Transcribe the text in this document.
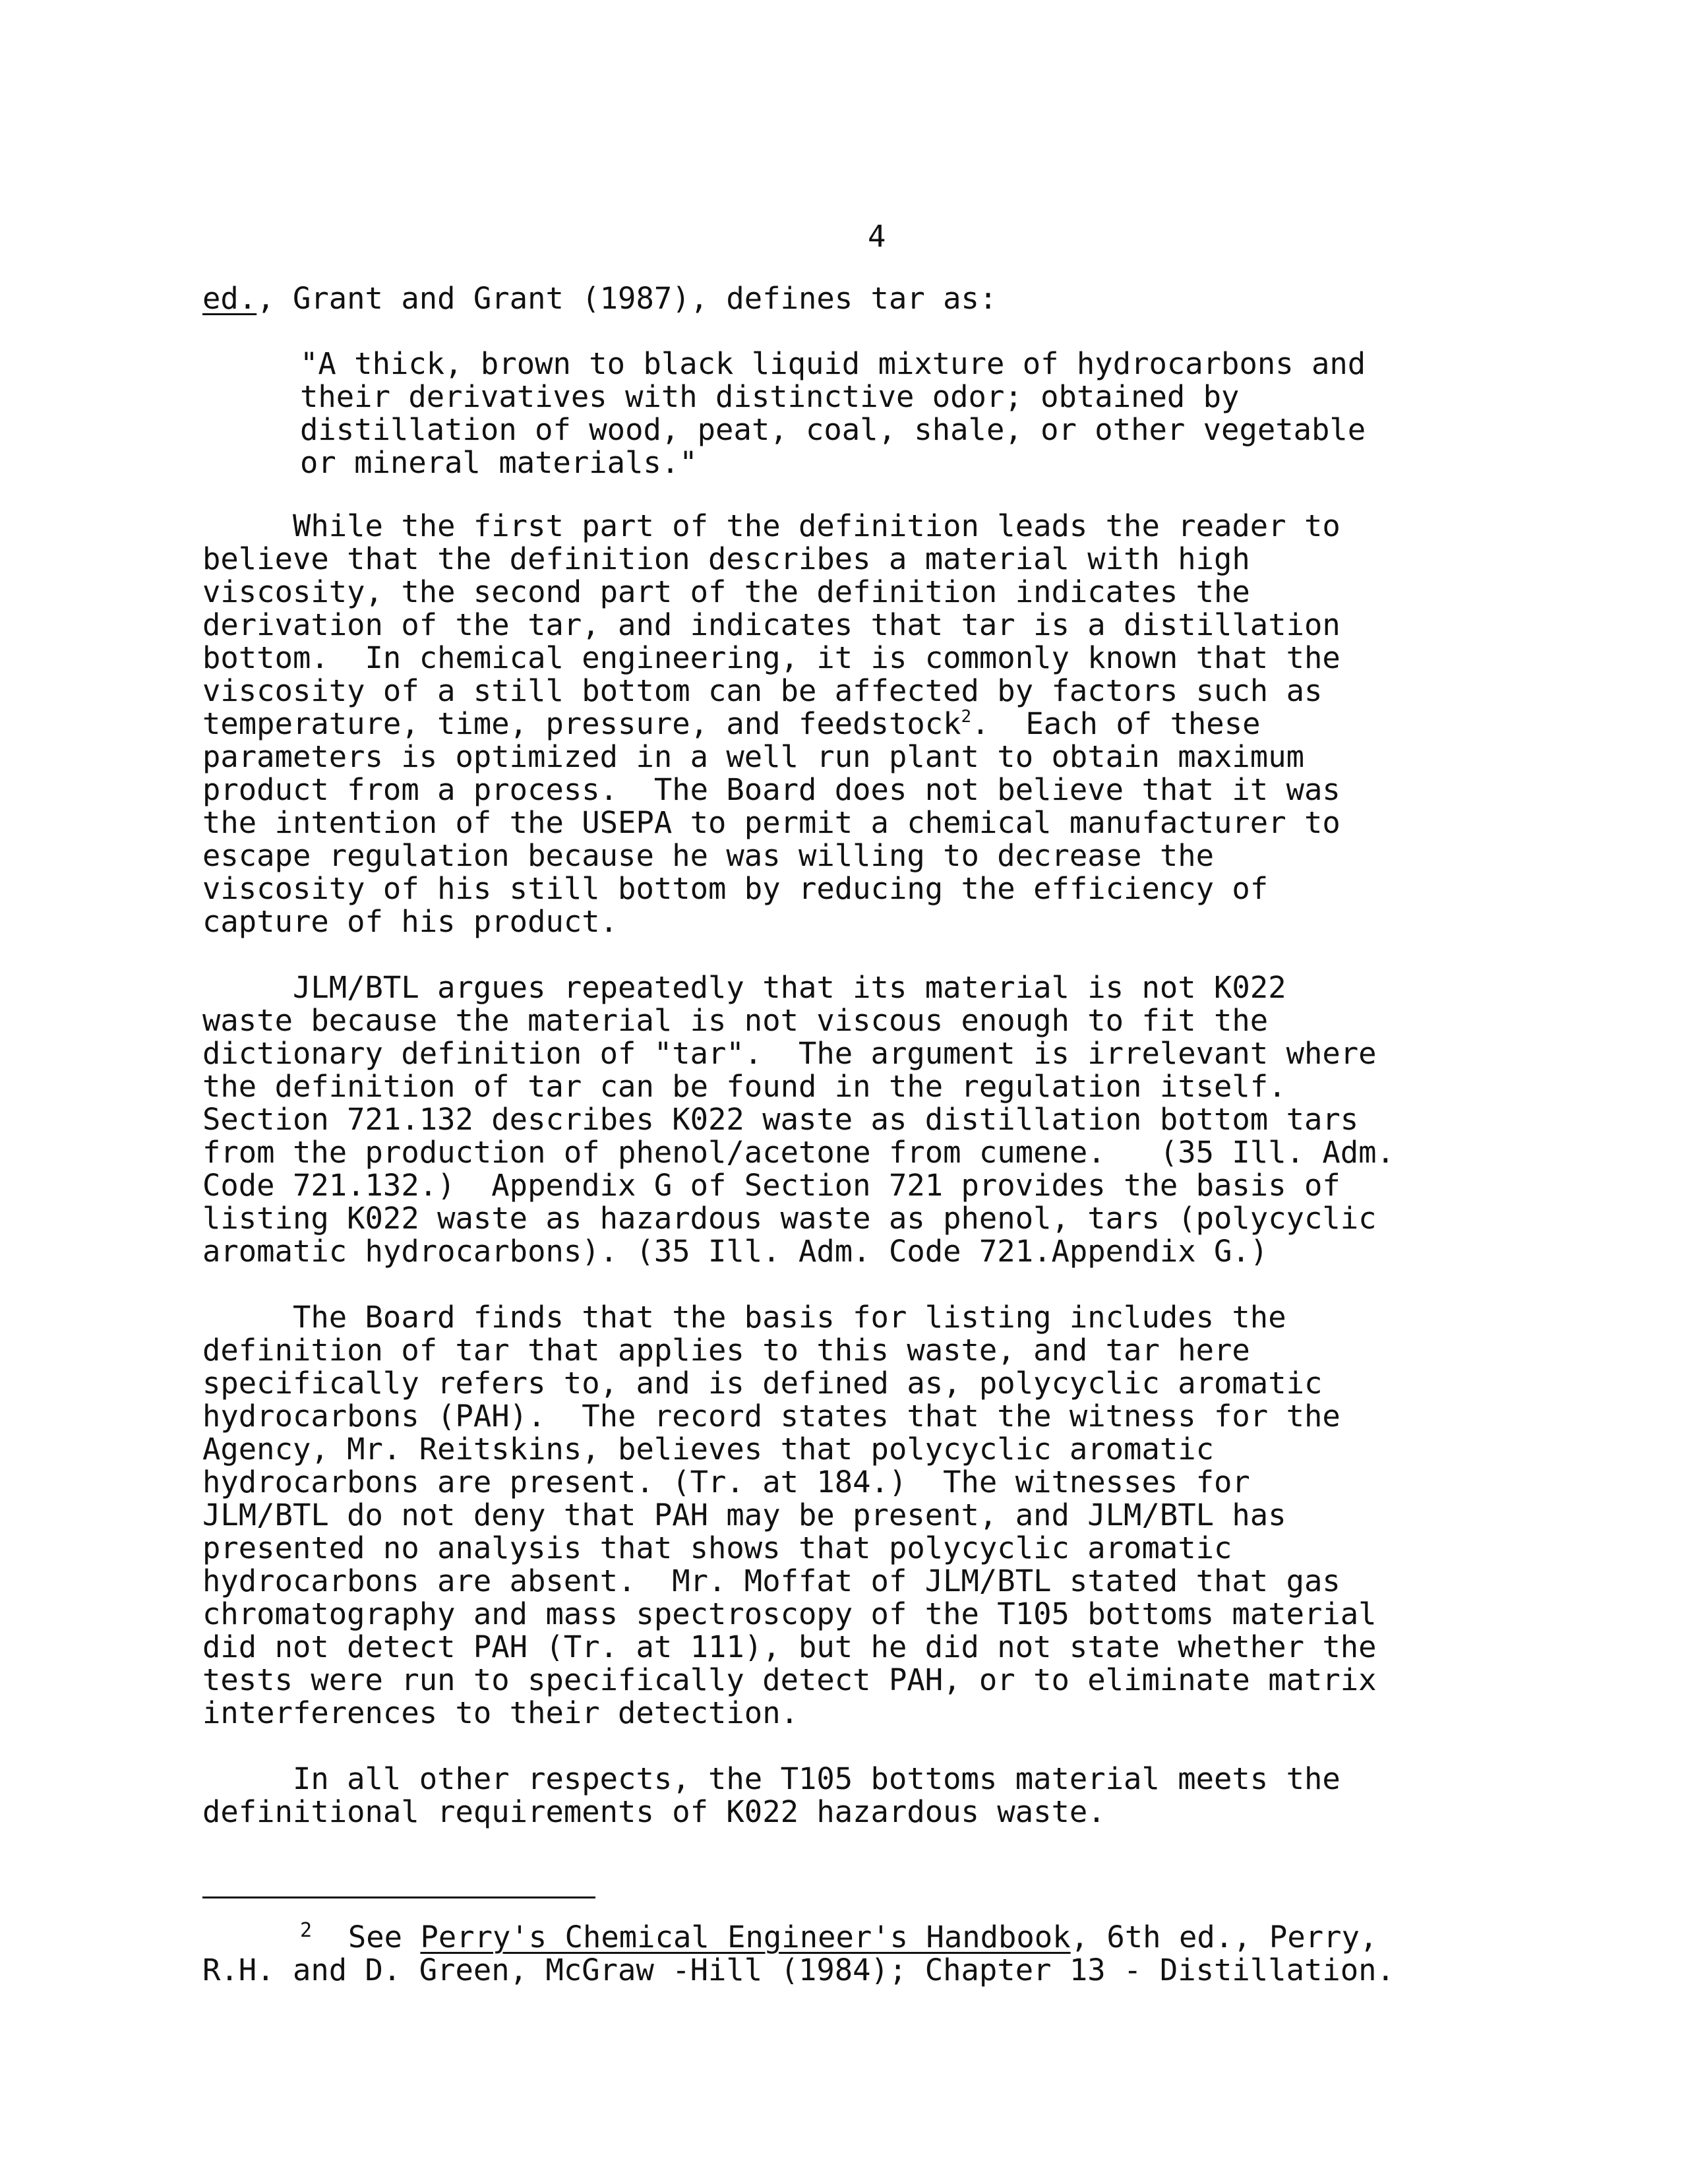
4
ed., Grant and Grant (1987), defines tar as:
"A thick, brown to black liquid mixture of hydrocarbons and
their derivatives with distinctive odor; obtained by
distillation of wood, peat, coal, shale, or other vegetable
or mineral materials."
While the first part of the definition leads the reader to
believe that the definition describes a material with high
viscosity, the second part of the definition indicates the
derivation of the tar, and indicates that tar is a distillation
bottom.  In chemical engineering, it is commonly known that the
viscosity of a still bottom can be affected by factors such as
temperature, time, pressure, and feedstock$^2$.  Each of these
parameters is optimized in a well run plant to obtain maximum
product from a process.  The Board does not believe that it was
the intention of the USEPA to permit a chemical manufacturer to
escape regulation because he was willing to decrease the
viscosity of his still bottom by reducing the efficiency of
capture of his product.
JLM/BTL argues repeatedly that its material is not K022
waste because the material is not viscous enough to fit the
dictionary definition of "tar".  The argument is irrelevant where
the definition of tar can be found in the regulation itself.
Section 721.132 describes K022 waste as distillation bottom tars
from the production of phenol/acetone from cumene.   (35 Ill. Adm.
Code 721.132.)  Appendix G of Section 721 provides the basis of
listing K022 waste as hazardous waste as phenol, tars (polycyclic
aromatic hydrocarbons). (35 Ill. Adm. Code 721.Appendix G.)
The Board finds that the basis for listing includes the
definition of tar that applies to this waste, and tar here
specifically refers to, and is defined as, polycyclic aromatic
hydrocarbons (PAH).  The record states that the witness for the
Agency, Mr. Reitskins, believes that polycyclic aromatic
hydrocarbons are present. (Tr. at 184.)  The witnesses for
JLM/BTL do not deny that PAH may be present, and JLM/BTL has
presented no analysis that shows that polycyclic aromatic
hydrocarbons are absent.  Mr. Moffat of JLM/BTL stated that gas
chromatography and mass spectroscopy of the T105 bottoms material
did not detect PAH (Tr. at 111), but he did not state whether the
tests were run to specifically detect PAH, or to eliminate matrix
interferences to their detection.
In all other respects, the T105 bottoms material meets the
definitional requirements of K022 hazardous waste.
$^2$  See Perry's Chemical Engineer's Handbook, 6th ed., Perry,
R.H. and D. Green, McGraw -Hill (1984); Chapter 13 - Distillation.
